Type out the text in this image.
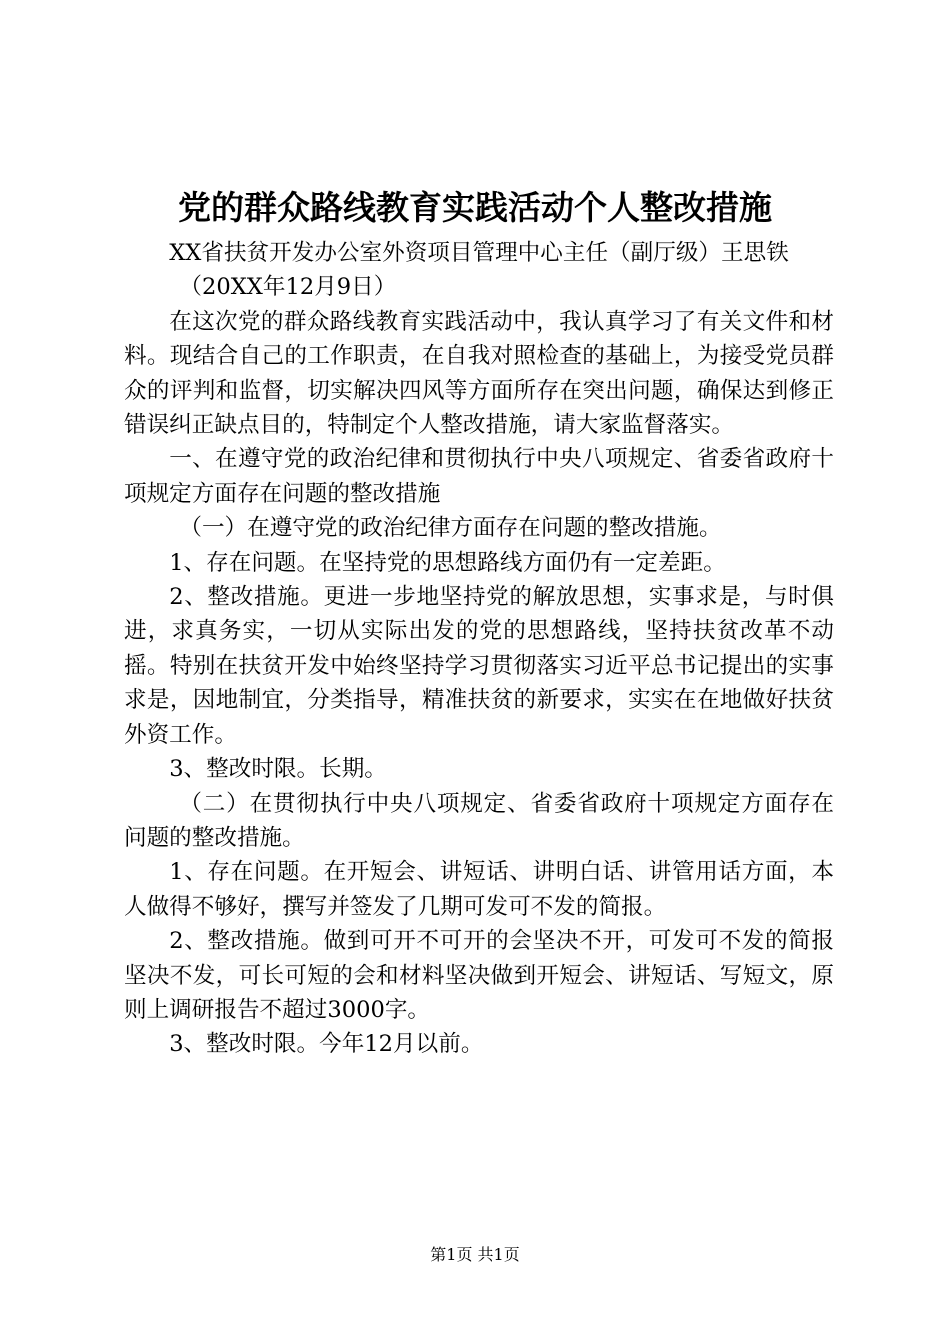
党的群众路线教育实践活动个人整改措施

XX省扶贫开发办公室外资项目管理中心主任（副厅级）王思铁

（20XX年12月9日）

在这次党的群众路线教育实践活动中，我认真学习了有关文件和材料。现结合自己的工作职责，在自我对照检查的基础上，为接受党员群众的评判和监督，切实解决四风等方面所存在突出问题，确保达到修正错误纠正缺点目的，特制定个人整改措施，请大家监督落实。

一、在遵守党的政治纪律和贯彻执行中央八项规定、省委省政府十项规定方面存在问题的整改措施

（一）在遵守党的政治纪律方面存在问题的整改措施。

1、存在问题。在坚持党的思想路线方面仍有一定差距。

2、整改措施。更进一步地坚持党的解放思想，实事求是，与时俱进，求真务实，一切从实际出发的党的思想路线，坚持扶贫改革不动摇。特别在扶贫开发中始终坚持学习贯彻落实习近平总书记提出的实事求是，因地制宜，分类指导，精准扶贫的新要求，实实在在地做好扶贫外资工作。

3、整改时限。长期。

（二）在贯彻执行中央八项规定、省委省政府十项规定方面存在问题的整改措施。

1、存在问题。在开短会、讲短话、讲明白话、讲管用话方面，本人做得不够好，撰写并签发了几期可发可不发的简报。

2、整改措施。做到可开不可开的会坚决不开，可发可不发的简报坚决不发，可长可短的会和材料坚决做到开短会、讲短话、写短文，原则上调研报告不超过3000字。

3、整改时限。今年12月以前。

第1页 共1页
